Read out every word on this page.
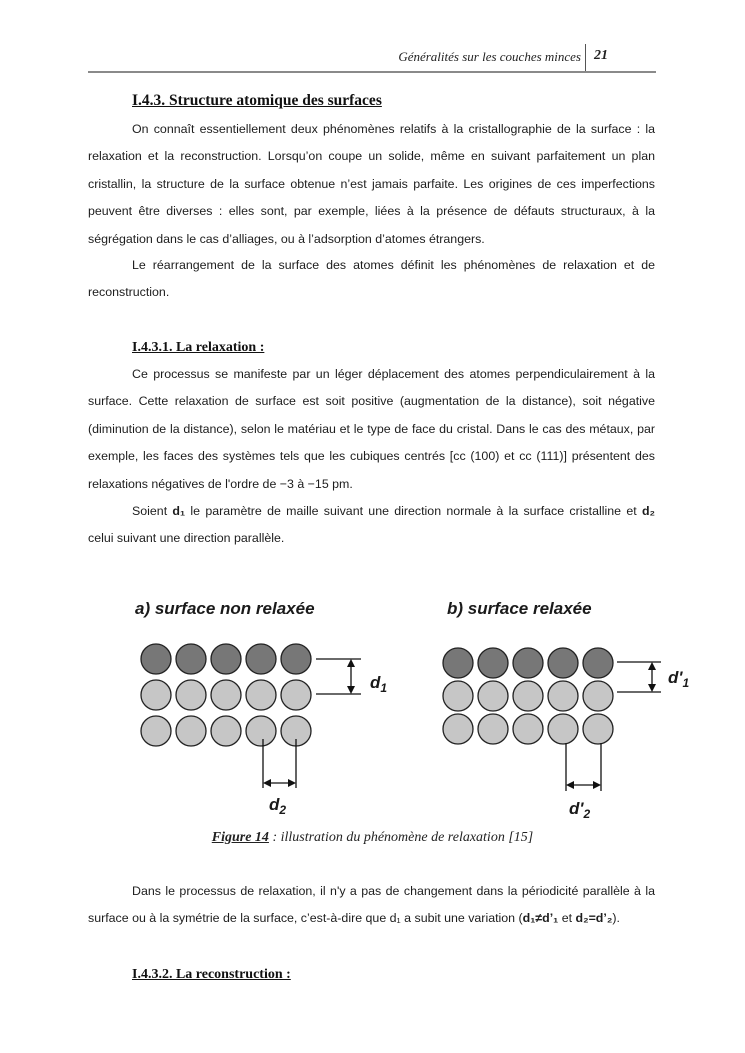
Généralités sur les couches minces 21
I.4.3. Structure atomique des surfaces

On connaît essentiellement deux phénomènes relatifs à la cristallographie de la surface : la relaxation et la reconstruction. Lorsqu’on coupe un solide, même en suivant parfaitement un plan cristallin, la structure de la surface obtenue n’est jamais parfaite. Les origines de ces imperfections peuvent être diverses : elles sont, par exemple, liées à la présence de défauts structuraux, à la ségrégation dans le cas d’alliages, ou à l’adsorption d’atomes étrangers.

Le réarrangement de la surface des atomes définit les phénomènes de relaxation et de reconstruction.

I.4.3.1. La relaxation :

Ce processus se manifeste par un léger déplacement des atomes perpendiculairement à la surface. Cette relaxation de surface est soit positive (augmentation de la distance), soit négative (diminution de la distance), selon le matériau et le type de face du cristal. Dans le cas des métaux, par exemple, les faces des systèmes tels que les cubiques centrés [cc (100) et cc (111)] présentent des relaxations négatives de l'ordre de −3 à −15 pm.

Soient d₁ le paramètre de maille suivant une direction normale à la surface cristalline et d₂ celui suivant une direction parallèle.

a) surface non relaxée	b) surface relaxée
$d_1$
$d_2$
$d'_1$
$d'_2$
Figure 14 : illustration du phénomène de relaxation [15]

Dans le processus de relaxation, il n'y a pas de changement dans la périodicité parallèle à la surface ou à la symétrie de la surface, c’est-à-dire que d₁ a subit une variation (d₁≠d’₁ et d₂=d’₂).

I.4.3.2. La reconstruction :
